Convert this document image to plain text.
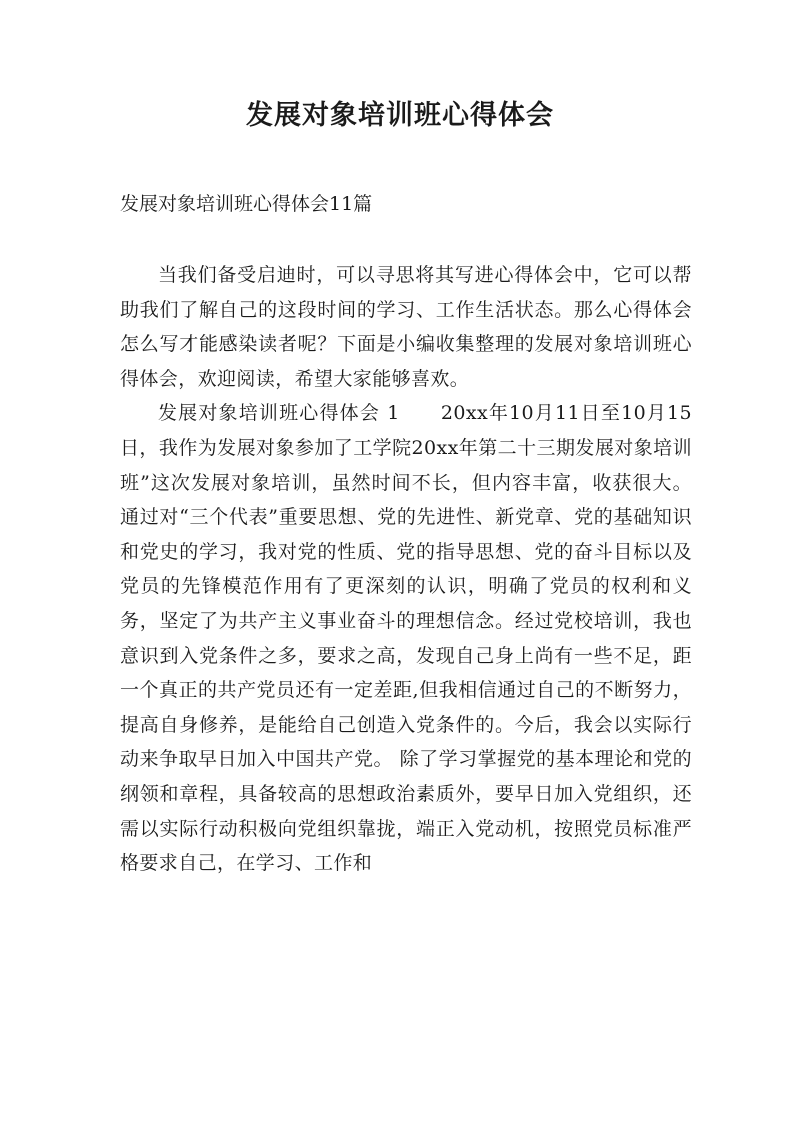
发展对象培训班心得体会

发展对象培训班心得体会11篇

当我们备受启迪时，可以寻思将其写进心得体会中，它可以帮助我们了解自己的这段时间的学习、工作生活状态。那么心得体会怎么写才能感染读者呢？下面是小编收集整理的发展对象培训班心得体会，欢迎阅读，希望大家能够喜欢。

发展对象培训班心得体会 1　　20xx年10月11日至10月15日，我作为发展对象参加了工学院20xx年第二十三期发展对象培训班”这次发展对象培训，虽然时间不长，但内容丰富，收获很大。通过对“三个代表”重要思想、党的先进性、新党章、党的基础知识和党史的学习，我对党的性质、党的指导思想、党的奋斗目标以及党员的先锋模范作用有了更深刻的认识，明确了党员的权利和义务，坚定了为共产主义事业奋斗的理想信念。经过党校培训，我也意识到入党条件之多，要求之高，发现自己身上尚有一些不足，距一个真正的共产党员还有一定差距,但我相信通过自己的不断努力，提高自身修养，是能给自己创造入党条件的。今后，我会以实际行动来争取早日加入中国共产党。 除了学习掌握党的基本理论和党的纲领和章程，具备较高的思想政治素质外，要早日加入党组织，还需以实际行动积极向党组织靠拢，端正入党动机，按照党员标准严格要求自己，在学习、工作和
